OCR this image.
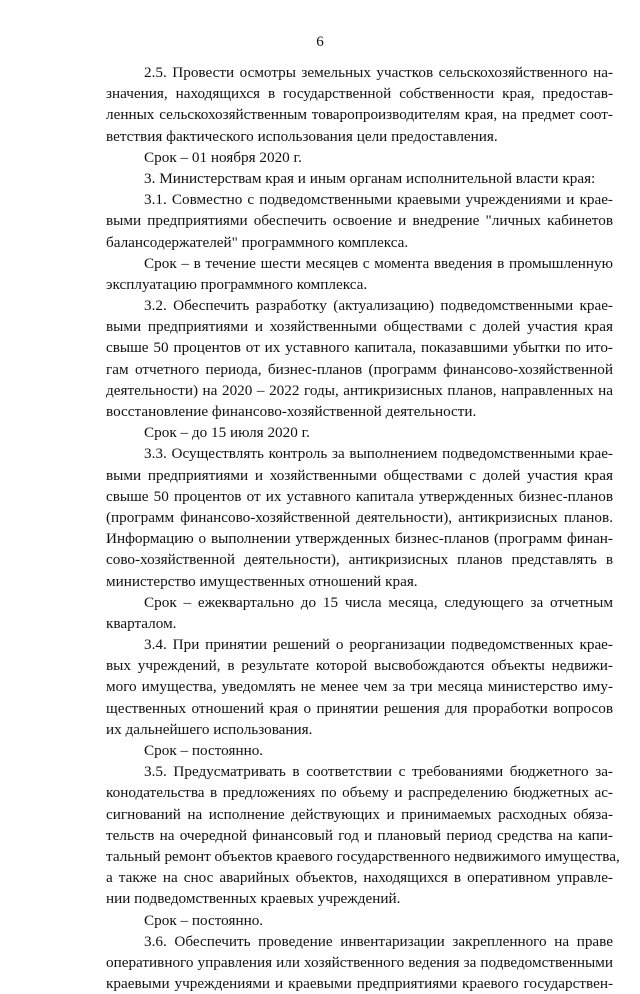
6
2.5. Провести осмотры земельных участков сельскохозяйственного на-
значения, находящихся в государственной собственности края, предостав-
ленных сельскохозяйственным товаропроизводителям края, на предмет соот-
ветствия фактического использования цели предоставления.
Срок – 01 ноября 2020 г.
3. Министерствам края и иным органам исполнительной власти края:
3.1. Совместно с подведомственными краевыми учреждениями и крае-
выми предприятиями обеспечить освоение и внедрение "личных кабинетов
балансодержателей" программного комплекса.
Срок – в течение шести месяцев с момента введения в промышленную
эксплуатацию программного комплекса.
3.2. Обеспечить разработку (актуализацию) подведомственными крае-
выми предприятиями и хозяйственными обществами с долей участия края
свыше 50 процентов от их уставного капитала, показавшими убытки по ито-
гам отчетного периода, бизнес-планов (программ финансово-хозяйственной
деятельности) на 2020 – 2022 годы, антикризисных планов, направленных на
восстановление финансово-хозяйственной деятельности.
Срок – до 15 июля 2020 г.
3.3. Осуществлять контроль за выполнением подведомственными крае-
выми предприятиями и хозяйственными обществами с долей участия края
свыше 50 процентов от их уставного капитала утвержденных бизнес-планов
(программ финансово-хозяйственной деятельности), антикризисных планов.
Информацию о выполнении утвержденных бизнес-планов (программ финан-
сово-хозяйственной деятельности), антикризисных планов представлять в
министерство имущественных отношений края.
Срок – ежеквартально до 15 числа месяца, следующего за отчетным
кварталом.
3.4. При принятии решений о реорганизации подведомственных крае-
вых учреждений, в результате которой высвобождаются объекты недвижи-
мого имущества, уведомлять не менее чем за три месяца министерство иму-
щественных отношений края о принятии решения для проработки вопросов
их дальнейшего использования.
Срок – постоянно.
3.5. Предусматривать в соответствии с требованиями бюджетного за-
конодательства в предложениях по объему и распределению бюджетных ас-
сигнований на исполнение действующих и принимаемых расходных обяза-
тельств на очередной финансовый год и плановый период средства на капи-
тальный ремонт объектов краевого государственного недвижимого имущества,
а также на снос аварийных объектов, находящихся в оперативном управле-
нии подведомственных краевых учреждений.
Срок – постоянно.
3.6. Обеспечить проведение инвентаризации закрепленного на праве
оперативного управления или хозяйственного ведения за подведомственными
краевыми учреждениями и краевыми предприятиями краевого государствен-
